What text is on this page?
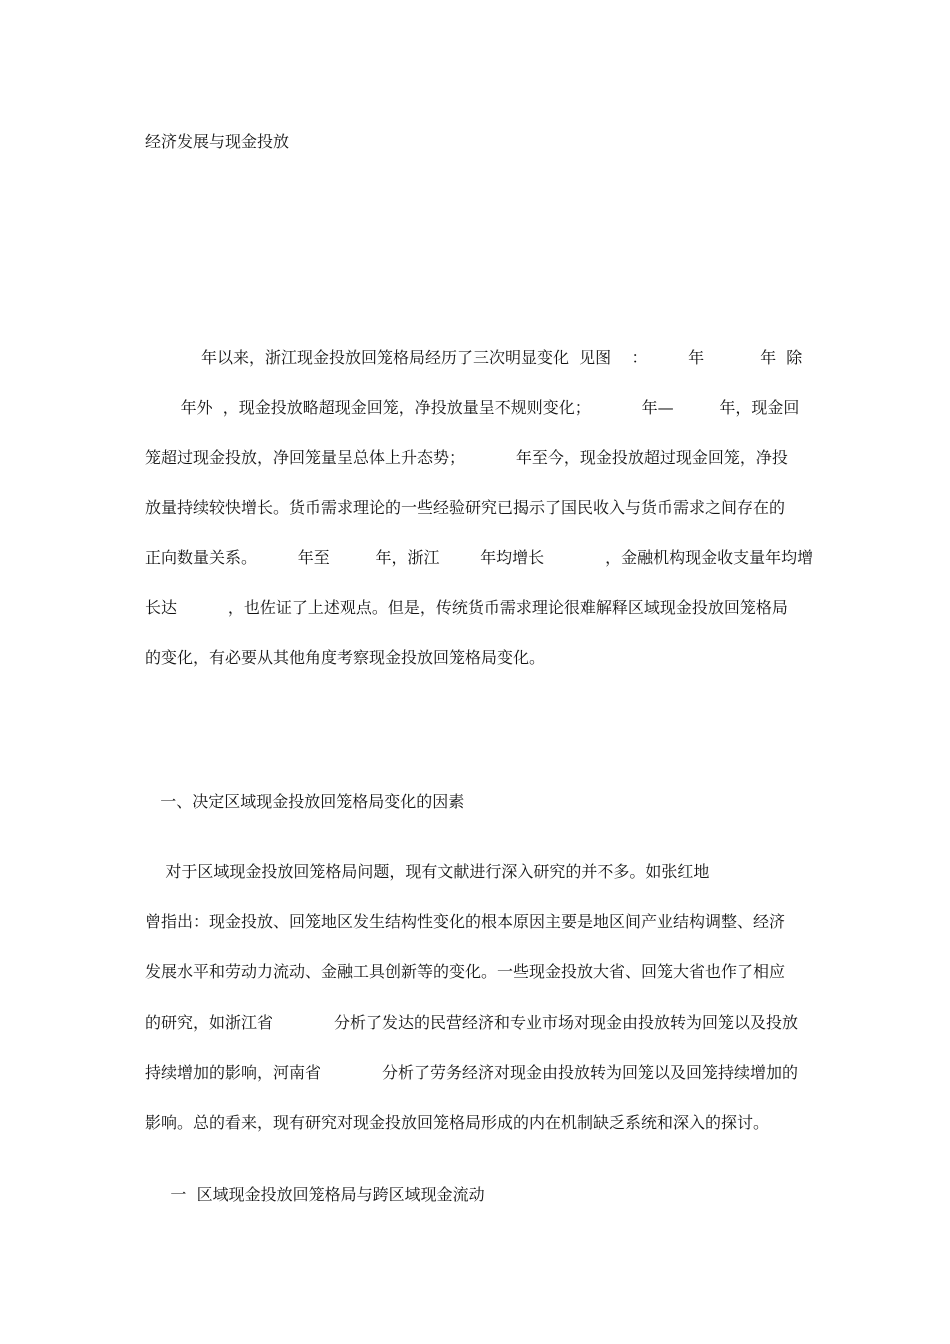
经济发展与现金投放
年以来，浙江现金投放回笼格局经历了三次明显变化  见图    ：        年           年  除
年外  ，现金投放略超现金回笼，净投放量呈不规则变化；          年—         年，现金回
笼超过现金投放，净回笼量呈总体上升态势；          年至今，现金投放超过现金回笼，净投
放量持续较快增长。货币需求理论的一些经验研究已揭示了国民收入与货币需求之间存在的
正向数量关系。        年至         年，浙江        年均增长            ，金融机构现金收支量年均增
长达          ，也佐证了上述观点。但是，传统货币需求理论很难解释区域现金投放回笼格局
的变化，有必要从其他角度考察现金投放回笼格局变化。
一、决定区域现金投放回笼格局变化的因素
对于区域现金投放回笼格局问题，现有文献进行深入研究的并不多。如张红地
曾指出：现金投放、回笼地区发生结构性变化的根本原因主要是地区间产业结构调整、经济
发展水平和劳动力流动、金融工具创新等的变化。一些现金投放大省、回笼大省也作了相应
的研究，如浙江省            分析了发达的民营经济和专业市场对现金由投放转为回笼以及投放
持续增加的影响，河南省            分析了劳务经济对现金由投放转为回笼以及回笼持续增加的
影响。总的看来，现有研究对现金投放回笼格局形成的内在机制缺乏系统和深入的探讨。
一  区域现金投放回笼格局与跨区域现金流动
